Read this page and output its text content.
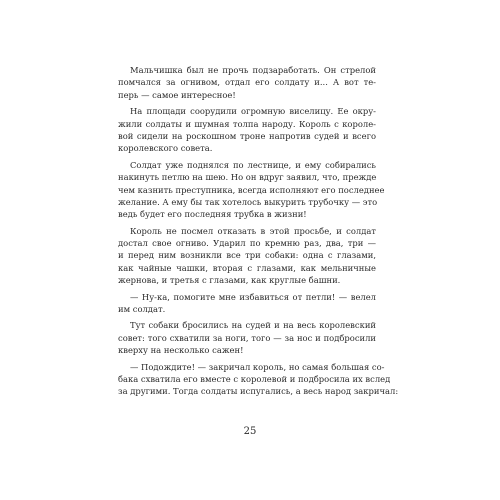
Мальчишка был не прочь подзаработать. Он стрелой
помчался за огнивом, отдал его солдату и... А вот те-
перь — самое интересное!
На площади соорудили огромную виселицу. Ее окру-
жили солдаты и шумная толпа народу. Король с короле-
вой сидели на роскошном троне напротив судей и всего
королевского совета.
Солдат уже поднялся по лестнице, и ему собирались
накинуть петлю на шею. Но он вдруг заявил, что, прежде
чем казнить преступника, всегда исполняют его последнее
желание. А ему бы так хотелось выкурить трубочку — это
ведь будет его последняя трубка в жизни!
Король не посмел отказать в этой просьбе, и солдат
достал свое огниво. Ударил по кремню раз, два, три —
и перед ним возникли все три собаки: одна с глазами,
как чайные чашки, вторая с глазами, как мельничные
жернова, и третья с глазами, как круглые башни.
— Ну-ка, помогите мне избавиться от петли! — велел
им солдат.
Тут собаки бросились на судей и на весь королевский
совет: того схватили за ноги, того — за нос и подбросили
кверху на несколько сажен!
— Подождите! — закричал король, но самая большая со-
бака схватила его вместе с королевой и подбросила их вслед
за другими. Тогда солдаты испугались, а весь народ закричал:
25
